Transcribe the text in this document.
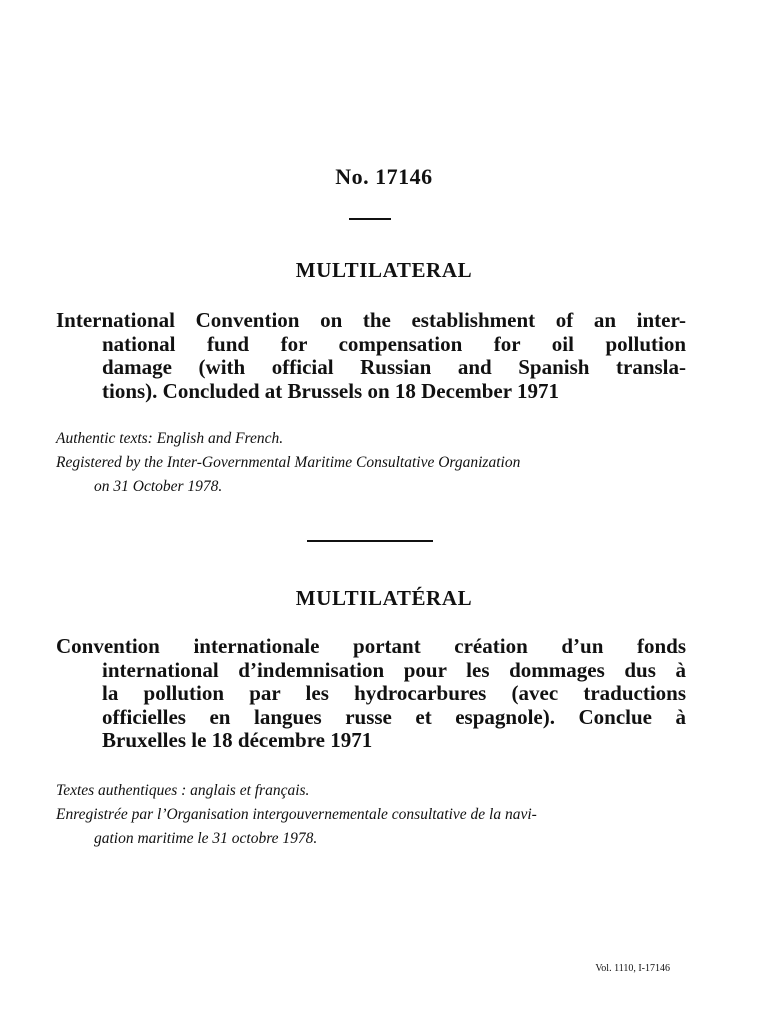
No. 17146
MULTILATERAL
International Convention on the establishment of an inter-
national fund for compensation for oil pollution
damage (with official Russian and Spanish transla-
tions). Concluded at Brussels on 18 December 1971
Authentic texts: English and French.
Registered by the Inter-Governmental Maritime Consultative Organization
on 31 October 1978.
MULTILATÉRAL
Convention internationale portant création d’un fonds
international d’indemnisation pour les dommages dus à
la pollution par les hydrocarbures (avec traductions
officielles en langues russe et espagnole). Conclue à
Bruxelles le 18 décembre 1971
Textes authentiques : anglais et français.
Enregistrée par l’Organisation intergouvernementale consultative de la navi-
gation maritime le 31 octobre 1978.
Vol. 1110, I-17146
